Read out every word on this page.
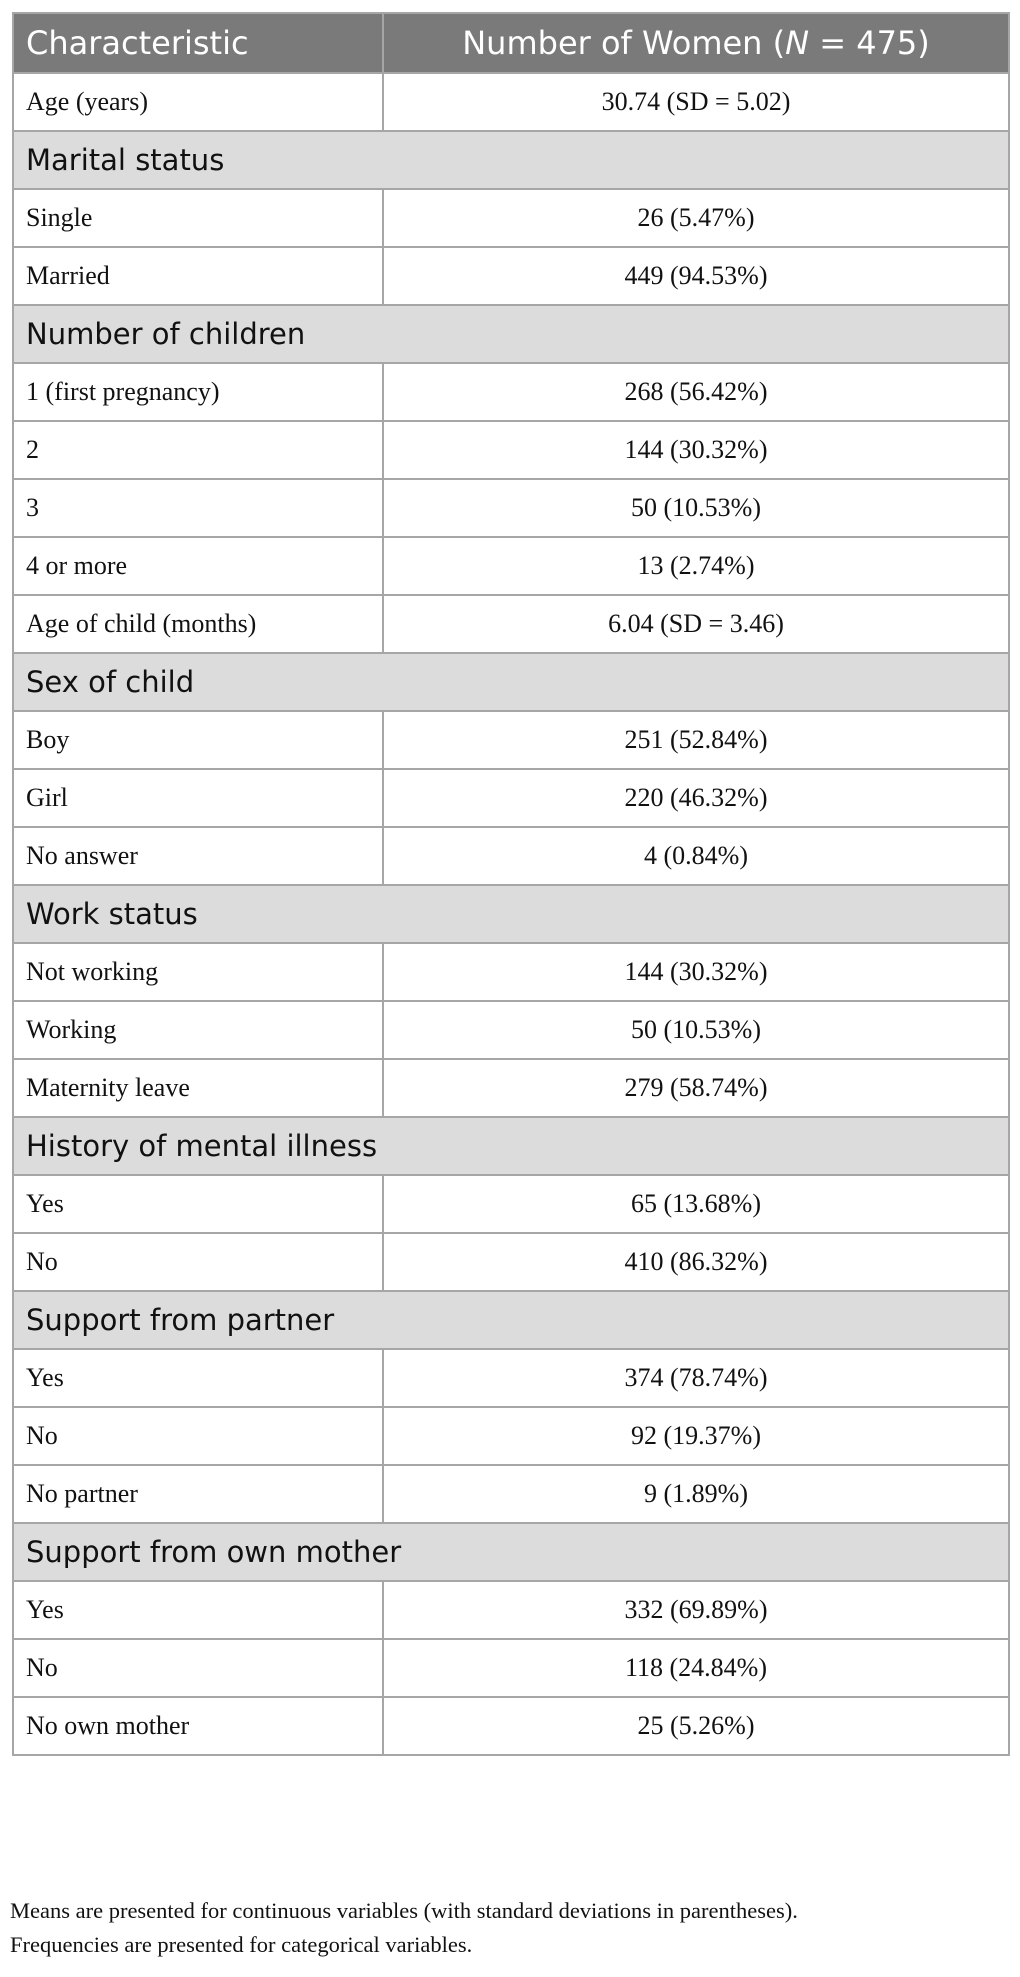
Characteristic	Number of Women (N = 475)
Age (years)	30.74 (SD = 5.02)
Marital status	
Single	26 (5.47%)
Married	449 (94.53%)
Number of children	
1 (first pregnancy)	268 (56.42%)
2	144 (30.32%)
3	50 (10.53%)
4 or more	13 (2.74%)
Age of child (months)	6.04 (SD = 3.46)
Sex of child	
Boy	251 (52.84%)
Girl	220 (46.32%)
No answer	4 (0.84%)
Work status	
Not working	144 (30.32%)
Working	50 (10.53%)
Maternity leave	279 (58.74%)
History of mental illness	
Yes	65 (13.68%)
No	410 (86.32%)
Support from partner	
Yes	374 (78.74%)
No	92 (19.37%)
No partner	9 (1.89%)
Support from own mother	
Yes	332 (69.89%)
No	118 (24.84%)
No own mother	25 (5.26%)
Means are presented for continuous variables (with standard deviations in parentheses).
Frequencies are presented for categorical variables.
